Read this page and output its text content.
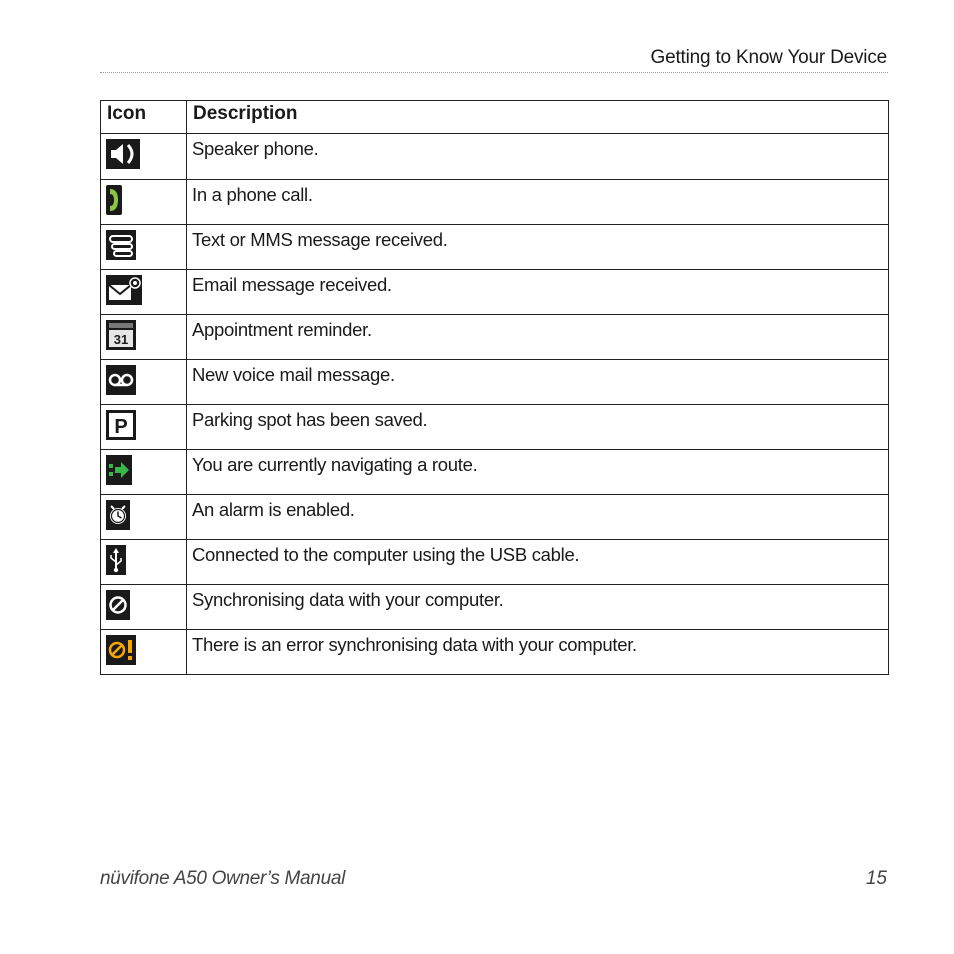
Getting to Know Your Device
Icon	Description

	Speaker phone.

	In a phone call.

	Text or MMS message received.

	Email message received.

31	Appointment reminder.

	New voice mail message.

P	Parking spot has been saved.

	You are currently navigating a route.

	An alarm is enabled.

	Connected to the computer using the USB cable.

	Synchronising data with your computer.

	There is an error synchronising data with your computer.
nüvifone A50 Owner’s Manual	15
